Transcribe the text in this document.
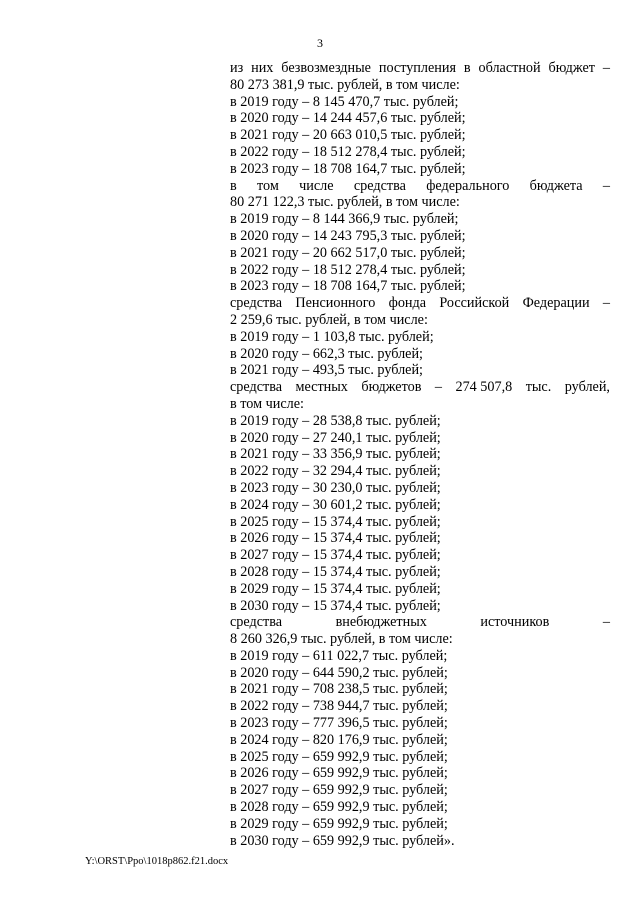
3
из них безвозмездные поступления в областной бюджет –
80 273 381,9 тыс. рублей, в том числе:
в 2019 году – 8 145 470,7 тыс. рублей;
в 2020 году – 14 244 457,6 тыс. рублей;
в 2021 году – 20 663 010,5 тыс. рублей;
в 2022 году – 18 512 278,4 тыс. рублей;
в 2023 году – 18 708 164,7 тыс. рублей;
в том числе средства федерального бюджета –
80 271 122,3 тыс. рублей, в том числе:
в 2019 году – 8 144 366,9 тыс. рублей;
в 2020 году – 14 243 795,3 тыс. рублей;
в 2021 году – 20 662 517,0 тыс. рублей;
в 2022 году – 18 512 278,4 тыс. рублей;
в 2023 году – 18 708 164,7 тыс. рублей;
средства Пенсионного фонда Российской Федерации –
2 259,6 тыс. рублей, в том числе:
в 2019 году – 1 103,8 тыс. рублей;
в 2020 году – 662,3 тыс. рублей;
в 2021 году – 493,5 тыс. рублей;
средства местных бюджетов – 274 507,8 тыс. рублей,
в том числе:
в 2019 году – 28 538,8 тыс. рублей;
в 2020 году – 27 240,1 тыс. рублей;
в 2021 году – 33 356,9 тыс. рублей;
в 2022 году – 32 294,4 тыс. рублей;
в 2023 году – 30 230,0 тыс. рублей;
в 2024 году – 30 601,2 тыс. рублей;
в 2025 году – 15 374,4 тыс. рублей;
в 2026 году – 15 374,4 тыс. рублей;
в 2027 году – 15 374,4 тыс. рублей;
в 2028 году – 15 374,4 тыс. рублей;
в 2029 году – 15 374,4 тыс. рублей;
в 2030 году – 15 374,4 тыс. рублей;
средства	внебюджетных	источников	–
8 260 326,9 тыс. рублей, в том числе:
в 2019 году – 611 022,7 тыс. рублей;
в 2020 году – 644 590,2 тыс. рублей;
в 2021 году – 708 238,5 тыс. рублей;
в 2022 году – 738 944,7 тыс. рублей;
в 2023 году – 777 396,5 тыс. рублей;
в 2024 году – 820 176,9 тыс. рублей;
в 2025 году – 659 992,9 тыс. рублей;
в 2026 году – 659 992,9 тыс. рублей;
в 2027 году – 659 992,9 тыс. рублей;
в 2028 году – 659 992,9 тыс. рублей;
в 2029 году – 659 992,9 тыс. рублей;
в 2030 году – 659 992,9 тыс. рублей».
Y:\ORST\Ppo\1018p862.f21.docx
